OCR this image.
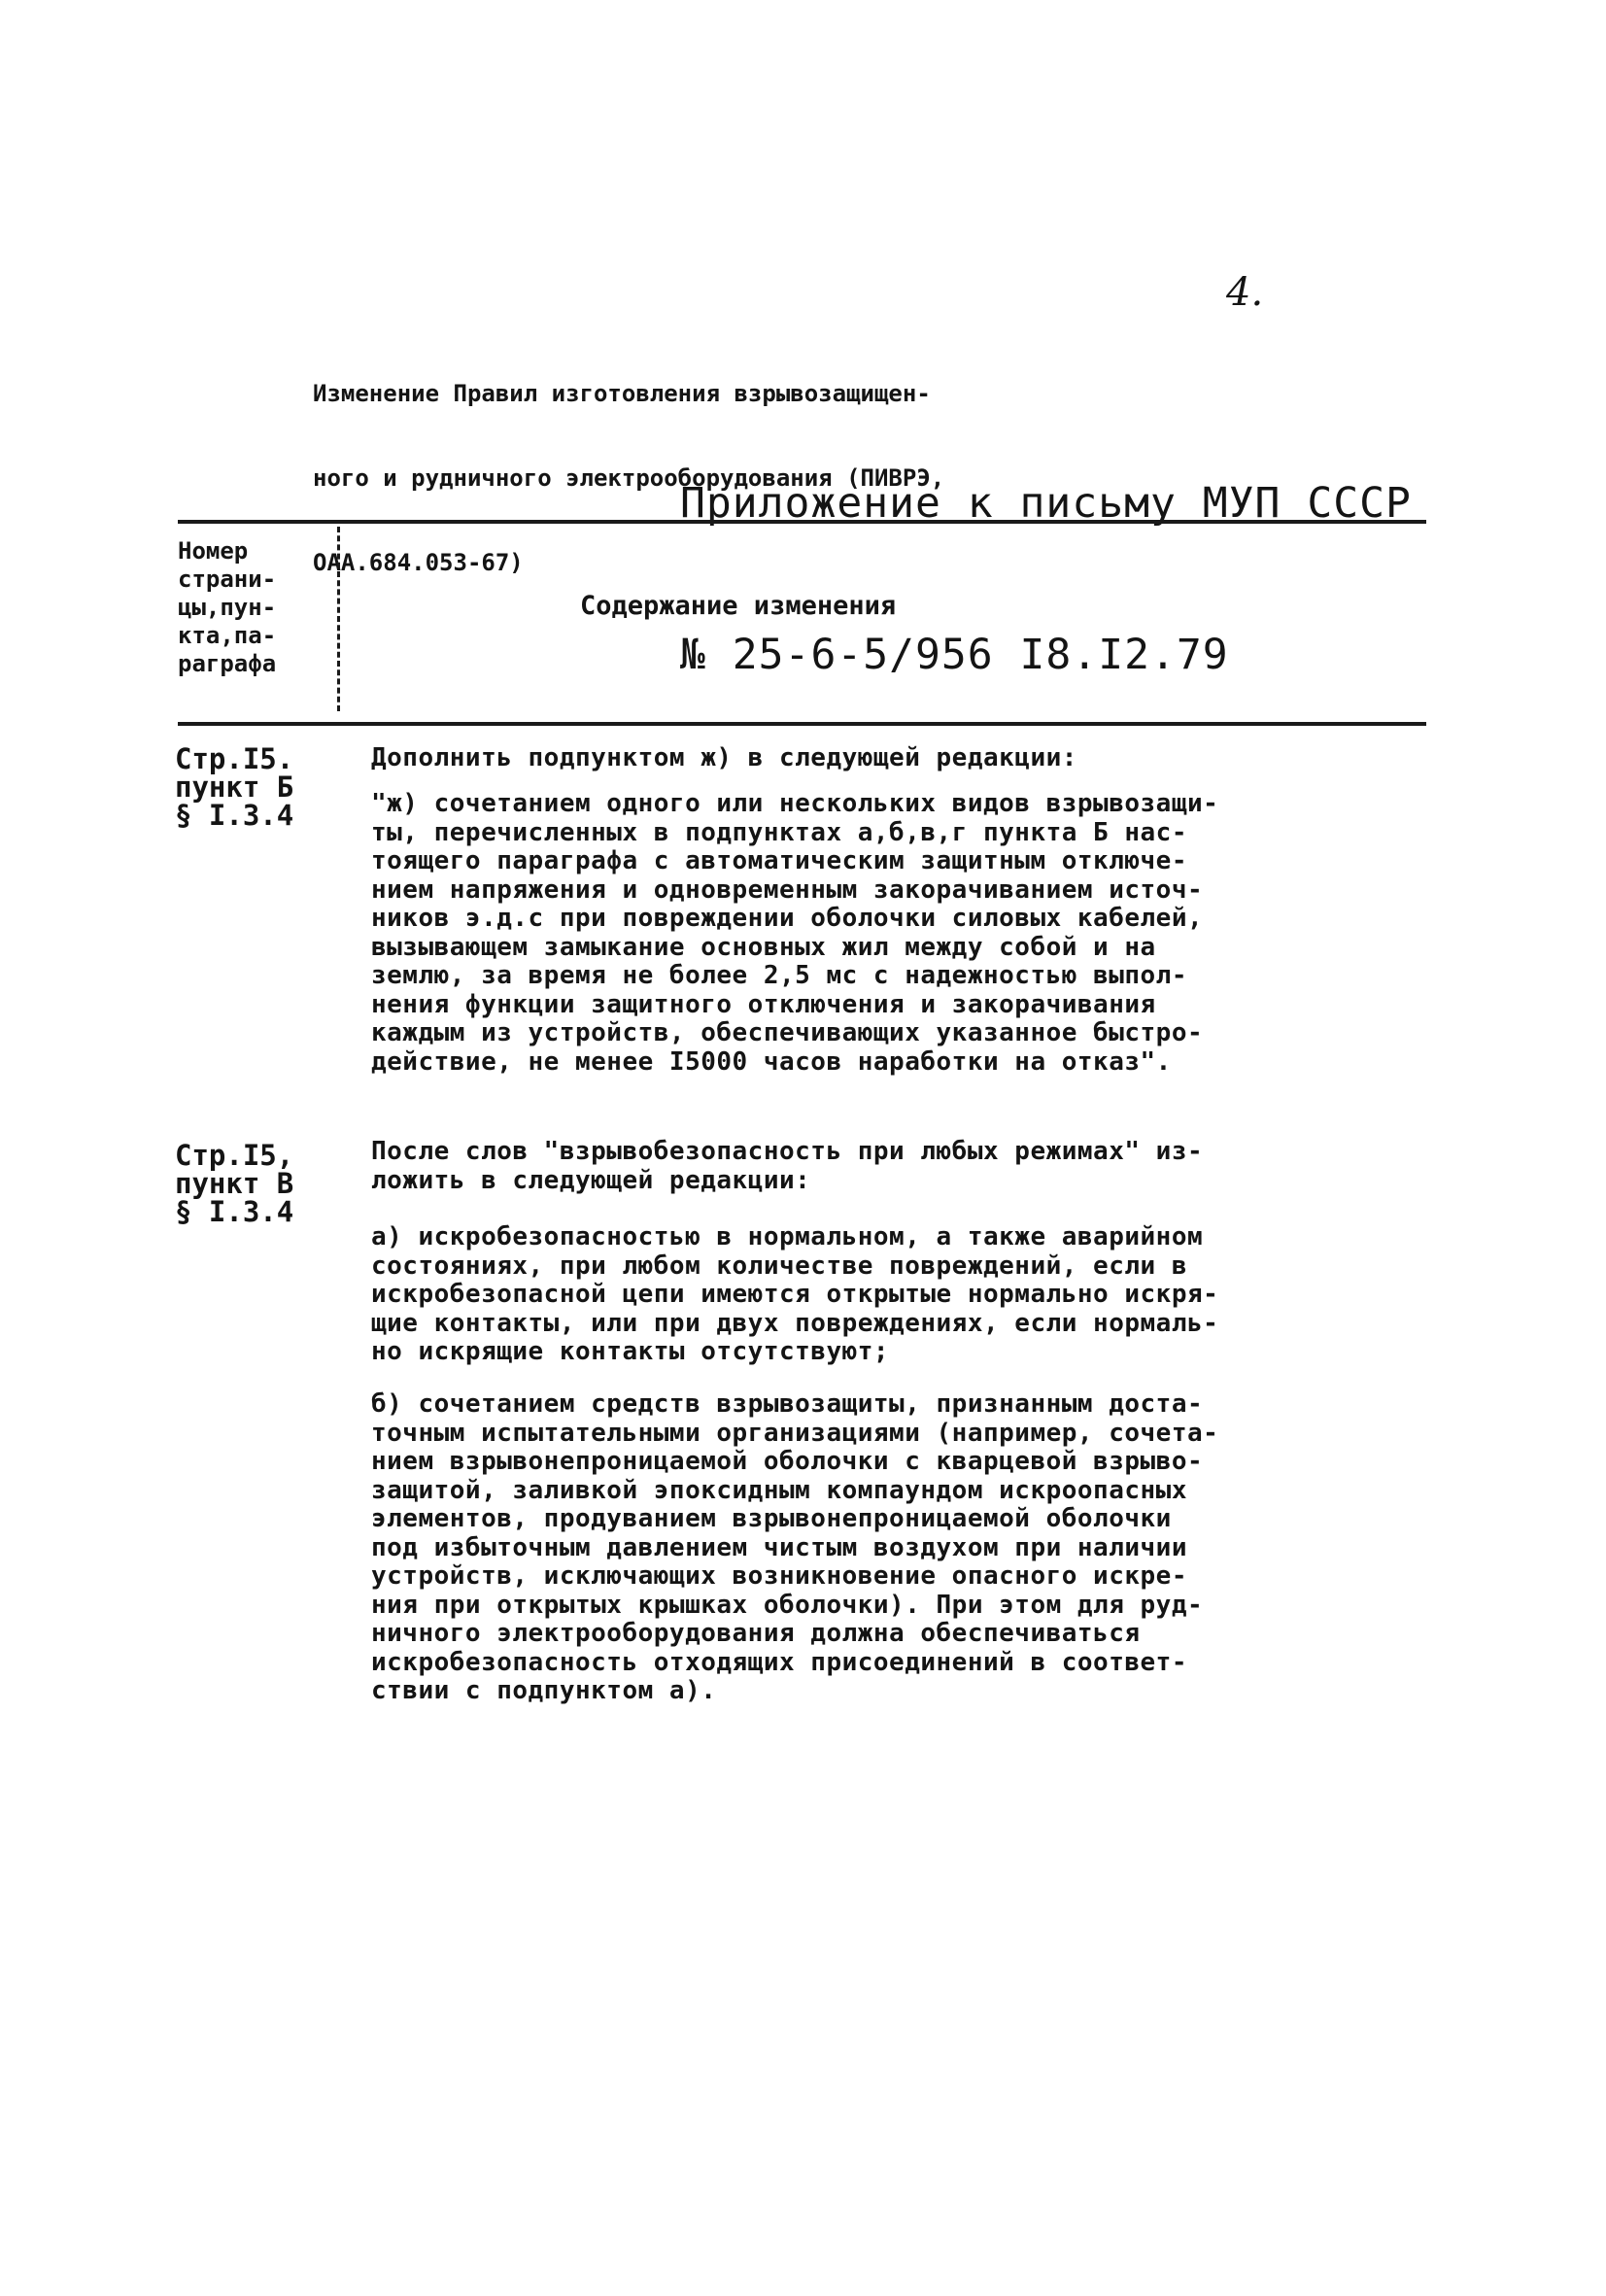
4.

Изменение Правил изготовления взрывозащищен-

ного и рудничного электрооборудования (ПИВРЭ,

ОАА.684.053-67)

Приложение к письму МУП СССР

№ 25-6-5/956 I8.I2.79

Номер
страни-
цы,пун-
кта,па-
раграфа
Содержание изменения
Стр.I5.
пункт Б
§ I.3.4
Дополнить подпунктом ж) в следующей редакции:
"ж) сочетанием одного или нескольких видов взрывозащи-
ты, перечисленных в подпунктах а,б,в,г пункта Б нас-
тоящего параграфа с автоматическим защитным отключе-
нием напряжения и одновременным закорачиванием источ-
ников э.д.с при повреждении оболочки силовых кабелей,
вызывающем замыкание основных жил между собой и на
землю, за время не более 2,5 мс с надежностью выпол-
нения функции защитного отключения и закорачивания
каждым из устройств, обеспечивающих указанное быстро-
действие, не менее I5000 часов наработки на отказ".
Стр.I5,
пункт В
§ I.3.4
После слов "взрывобезопасность при любых режимах" из-
ложить в следующей редакции:
а) искробезопасностью в нормальном, а также аварийном
состояниях, при любом количестве повреждений, если в
искробезопасной цепи имеются открытые нормально искря-
щие контакты, или при двух повреждениях, если нормаль-
но искрящие контакты отсутствуют;
б) сочетанием средств взрывозащиты, признанным доста-
точным испытательными организациями (например, сочета-
нием взрывонепроницаемой оболочки с кварцевой взрыво-
защитой, заливкой эпоксидным компаундом искроопасных
элементов, продуванием взрывонепроницаемой оболочки
под избыточным давлением чистым воздухом при наличии
устройств, исключающих возникновение опасного искре-
ния при открытых крышках оболочки). При этом для руд-
ничного электрооборудования должна обеспечиваться
искробезопасность отходящих присоединений в соответ-
ствии с подпунктом а).
